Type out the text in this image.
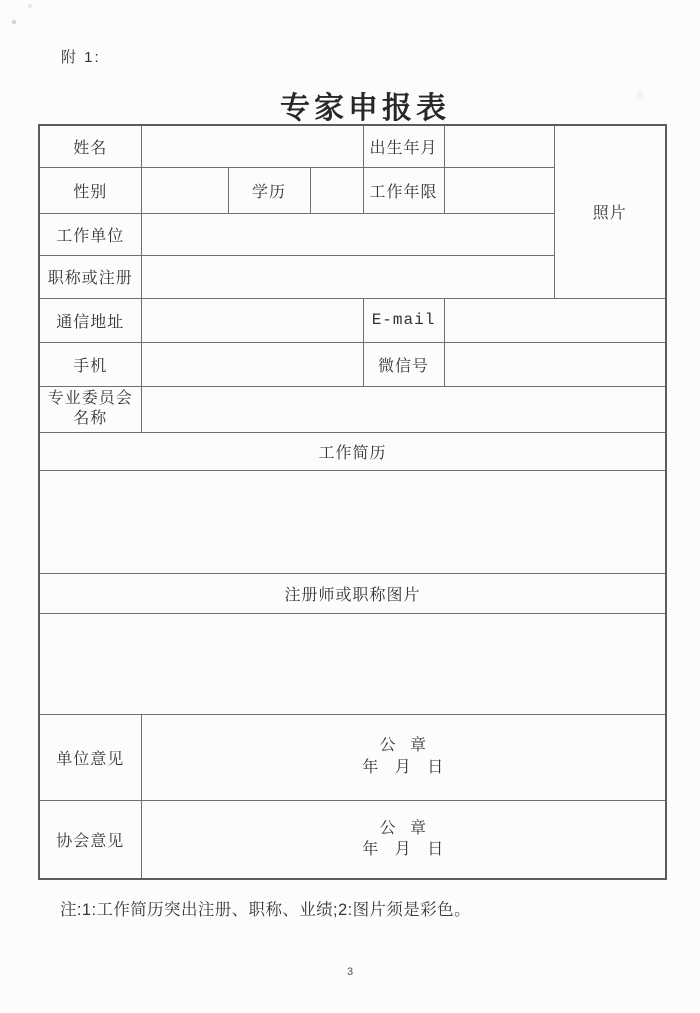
附 1:
专家申报表
姓名				出生年月		照片
性别		学历		工作年限		
工作单位						
职称或注册						
通信地址				E-mail		
手机				微信号		

专业委员会
名称						

工作简历						

注册师或职称图片						

单位意见	公 章
年 月 日					

协会意见	公 章
年 月 日					
注:1:工作简历突出注册、职称、业绩;2:图片须是彩色。
3
